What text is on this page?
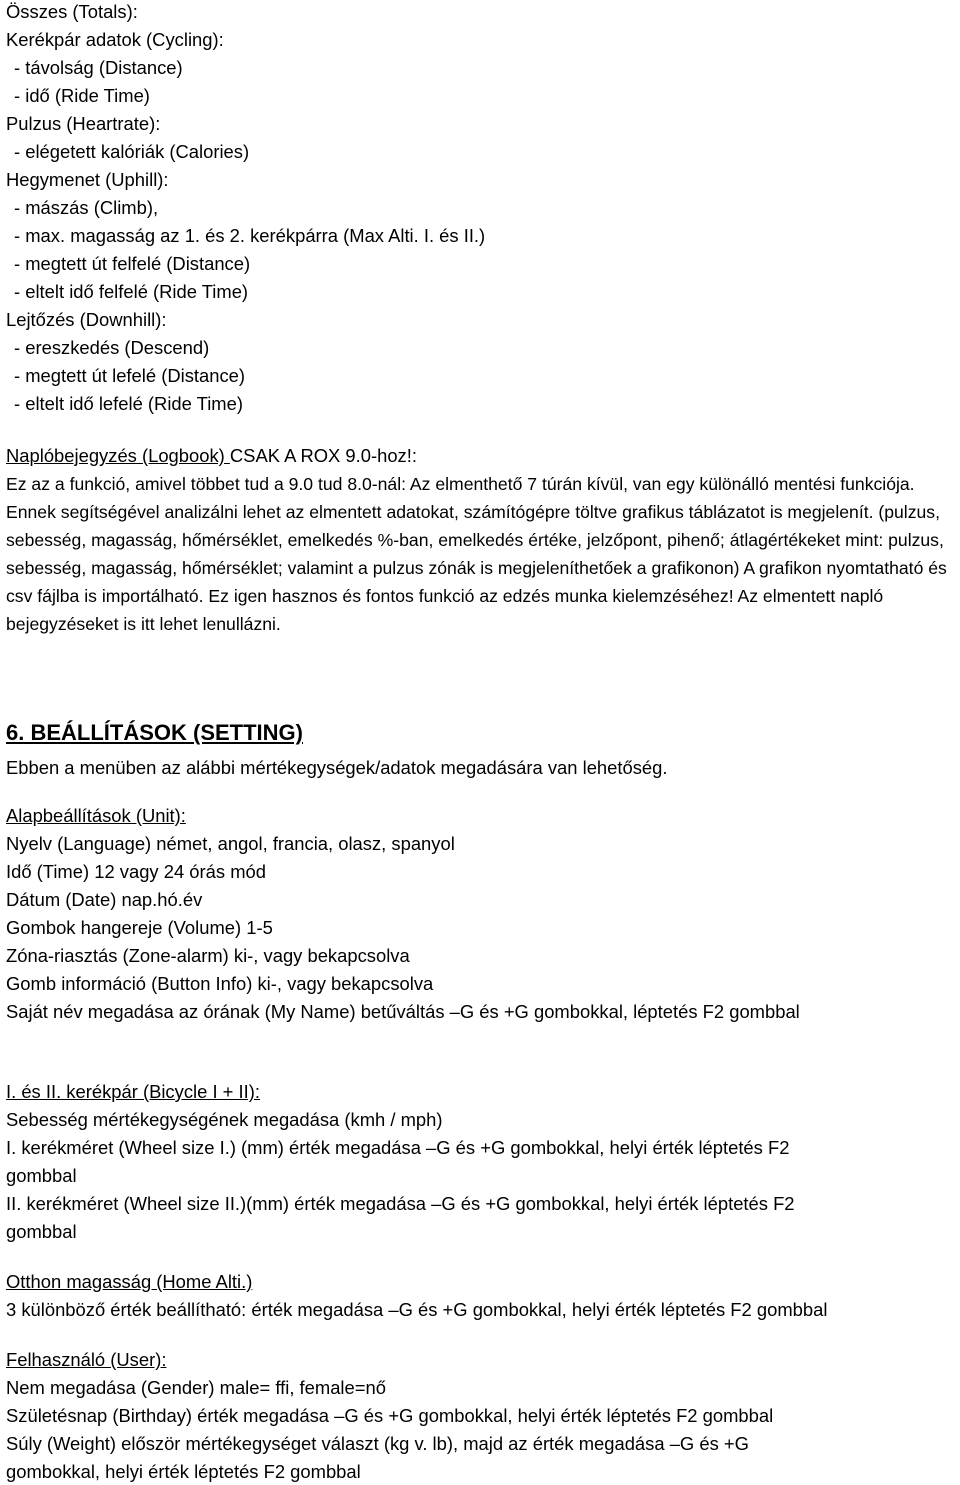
Összes (Totals):
Kerékpár adatok (Cycling):
- távolság (Distance)
- idő (Ride Time)
Pulzus (Heartrate):
- elégetett kalóriák (Calories)
Hegymenet (Uphill):
- mászás (Climb),
- max. magasság az 1. és 2. kerékpárra (Max Alti. I. és II.)
- megtett út felfelé (Distance)
- eltelt idő felfelé (Ride Time)
Lejtőzés (Downhill):
- ereszkedés (Descend)
- megtett út lefelé (Distance)
- eltelt idő lefelé (Ride Time)
Naplóbejegyzés (Logbook) CSAK A ROX 9.0-hoz!:

Ez az a funkció, amivel többet tud a 9.0 tud 8.0-nál: Az elmenthető 7 túrán kívül, van egy különálló mentési funkciója. Ennek segítségével analizálni lehet az elmentett adatokat, számítógépre töltve grafikus táblázatot is megjelenít. (pulzus, sebesség, magasság, hőmérséklet, emelkedés %-ban, emelkedés értéke, jelzőpont, pihenő; átlagértékeket mint: pulzus, sebesség, magasság, hőmérséklet; valamint a pulzus zónák is megjeleníthetőek a grafikonon) A grafikon nyomtatható és csv fájlba is importálható. Ez igen hasznos és fontos funkció az edzés munka kielemzéséhez! Az elmentett napló bejegyzéseket is itt lehet lenullázni.

6. BEÁLLÍTÁSOK (SETTING)
Ebben a menüben az alábbi mértékegységek/adatok megadására van lehetőség.
Alapbeállítások (Unit):
Nyelv (Language) német, angol, francia, olasz, spanyol
Idő (Time) 12 vagy 24 órás mód
Dátum (Date) nap.hó.év
Gombok hangereje (Volume) 1-5
Zóna-riasztás (Zone-alarm) ki-, vagy bekapcsolva
Gomb információ (Button Info) ki-, vagy bekapcsolva
Saját név megadása az órának (My Name) betűváltás –G és +G gombokkal, léptetés F2 gombbal
I. és II. kerékpár (Bicycle I + II):
Sebesség mértékegységének megadása (kmh / mph)
I. kerékméret (Wheel size I.) (mm) érték megadása –G és +G gombokkal, helyi érték léptetés F2
gombbal
II. kerékméret (Wheel size II.)(mm) érték megadása –G és +G gombokkal, helyi érték léptetés F2
gombbal
Otthon magasság (Home Alti.)
3 különböző érték beállítható: érték megadása –G és +G gombokkal, helyi érték léptetés F2 gombbal
Felhasználó (User):
Nem megadása (Gender) male= ffi, female=nő
Születésnap (Birthday) érték megadása –G és +G gombokkal, helyi érték léptetés F2 gombbal
Súly (Weight) először mértékegységet választ (kg v. lb), majd az érték megadása –G és +G
gombokkal, helyi érték léptetés F2 gombbal
